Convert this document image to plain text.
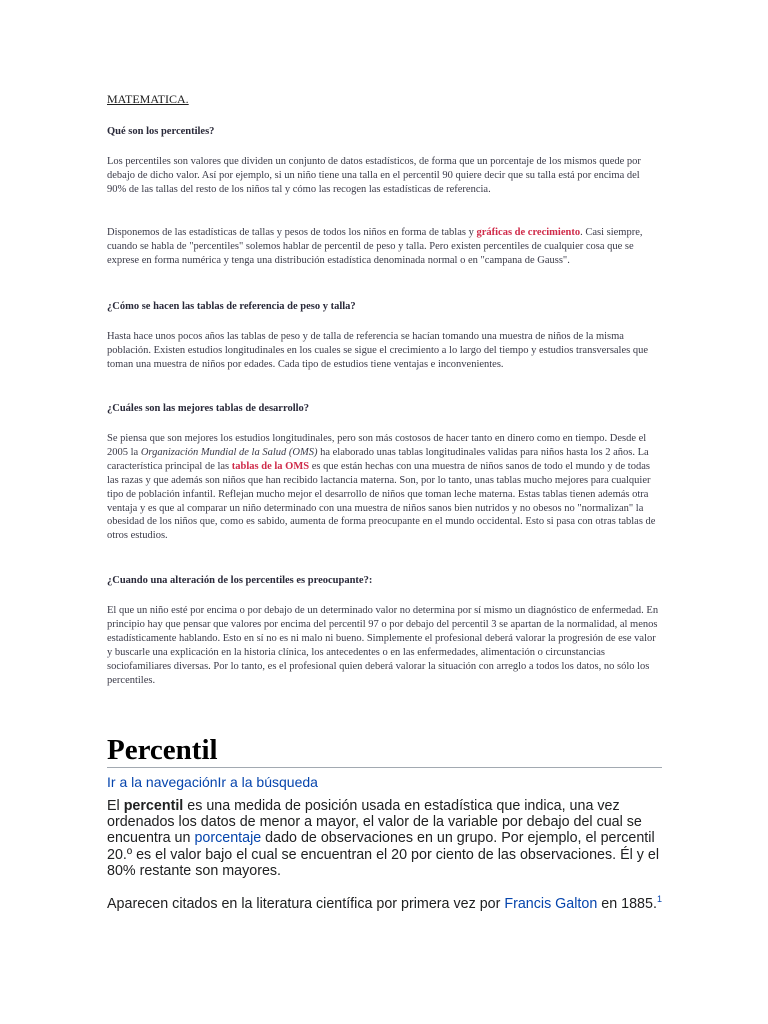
MATEMATICA.

Qué son los percentiles?

Los percentiles son valores que dividen un conjunto de datos estadísticos, de forma que un porcentaje de los mismos quede por debajo de dicho valor. Así por ejemplo, si un niño tiene una talla en el percentil 90 quiere decir que su talla está por encima del 90% de las tallas del resto de los niños tal y cómo las recogen las estadísticas de referencia.

Disponemos de las estadísticas de tallas y pesos de todos los niños en forma de tablas y gráficas de crecimiento. Casi siempre, cuando se habla de "percentiles" solemos hablar de percentil de peso y talla. Pero existen percentiles de cualquier cosa que se exprese en forma numérica y tenga una distribución estadística denominada normal o en "campana de Gauss".

¿Cómo se hacen las tablas de referencia de peso y talla?

Hasta hace unos pocos años las tablas de peso y de talla de referencia se hacían tomando una muestra de niños de la misma población. Existen estudios longitudinales en los cuales se sigue el crecimiento a lo largo del tiempo y estudios transversales que toman una muestra de niños por edades. Cada tipo de estudios tiene ventajas e inconvenientes.

¿Cuáles son las mejores tablas de desarrollo?

Se piensa que son mejores los estudios longitudinales, pero son más costosos de hacer tanto en dinero como en tiempo. Desde el 2005 la Organización Mundial de la Salud (OMS) ha elaborado unas tablas longitudinales validas para niños hasta los 2 años. La característica principal de las tablas de la OMS es que están hechas con una muestra de niños sanos de todo el mundo y de todas las razas y que además son niños que han recibido lactancia materna. Son, por lo tanto, unas tablas mucho mejores para cualquier tipo de población infantil. Reflejan mucho mejor el desarrollo de niños que toman leche materna. Estas tablas tienen además otra ventaja y es que al comparar un niño determinado con una muestra de niños sanos bien nutridos y no obesos no "normalizan" la obesidad de los niños que, como es sabido, aumenta de forma preocupante en el mundo occidental. Esto si pasa con otras tablas de otros estudios.

¿Cuando una alteración de los percentiles es preocupante?:

El que un niño esté por encima o por debajo de un determinado valor no determina por sí mismo un diagnóstico de enfermedad. En principio hay que pensar que valores por encima del percentil 97 o por debajo del percentil 3 se apartan de la normalidad, al menos estadísticamente hablando. Esto en sí no es ni malo ni bueno. Simplemente el profesional deberá valorar la progresión de ese valor y buscarle una explicación en la historia clínica, los antecedentes o en las enfermedades, alimentación o circunstancias sociofamiliares diversas. Por lo tanto, es el profesional quien deberá valorar la situación con arreglo a todos los datos, no sólo los percentiles.

Percentil
Ir a la navegaciónIr a la búsqueda

El percentil es una medida de posición usada en estadística que indica, una vez ordenados los datos de menor a mayor, el valor de la variable por debajo del cual se encuentra un porcentaje dado de observaciones en un grupo. Por ejemplo, el percentil 20.º es el valor bajo el cual se encuentran el 20 por ciento de las observaciones. Él y el 80% restante son mayores.

Aparecen citados en la literatura científica por primera vez por Francis Galton en 1885.$^1$
